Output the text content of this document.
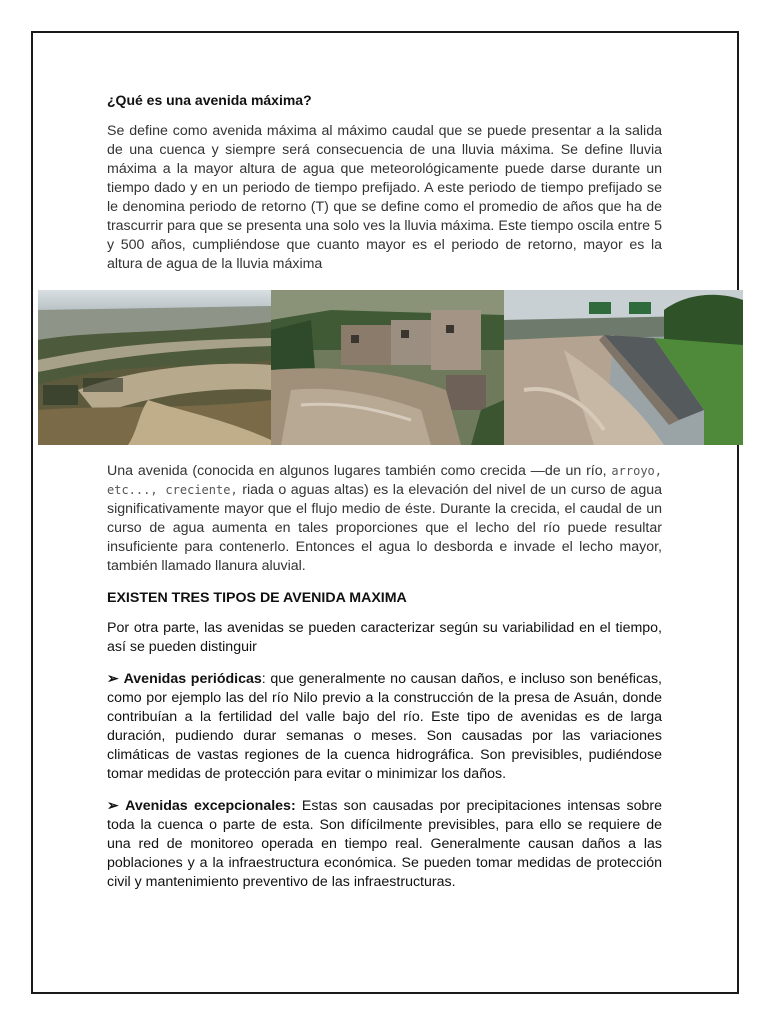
¿Qué es una avenida máxima?

Se define como avenida máxima al máximo caudal que se puede presentar a la salida de una cuenca y siempre será consecuencia de una lluvia máxima. Se define lluvia máxima a la mayor altura de agua que meteorológicamente puede darse durante un tiempo dado y en un periodo de tiempo prefijado. A este periodo de tiempo prefijado se le denomina periodo de retorno (T) que se define como el promedio de años que ha de trascurrir para que se presenta una solo ves la lluvia máxima. Este tiempo oscila entre 5 y 500 años, cumpliéndose que cuanto mayor es el periodo de retorno, mayor es la altura de agua de la lluvia máxima

Una avenida (conocida en algunos lugares también como crecida —de un río, arroyo, etc..., creciente, riada o aguas altas) es la elevación del nivel de un curso de agua significativamente mayor que el flujo medio de éste. Durante la crecida, el caudal de un curso de agua aumenta en tales proporciones que el lecho del río puede resultar insuficiente para contenerlo. Entonces el agua lo desborda e invade el lecho mayor, también llamado llanura aluvial.

EXISTEN TRES TIPOS DE AVENIDA MAXIMA

Por otra parte, las avenidas se pueden caracterizar según su variabilidad en el tiempo, así se pueden distinguir

➢ Avenidas periódicas: que generalmente no causan daños, e incluso son benéficas, como por ejemplo las del río Nilo previo a la construcción de la presa de Asuán, donde contribuían a la fertilidad del valle bajo del río. Este tipo de avenidas es de larga duración, pudiendo durar semanas o meses. Son causadas por las variaciones climáticas de vastas regiones de la cuenca hidrográfica. Son previsibles, pudiéndose tomar medidas de protección para evitar o minimizar los daños.

➢ Avenidas excepcionales: Estas son causadas por precipitaciones intensas sobre toda la cuenca o parte de esta. Son difícilmente previsibles, para ello se requiere de una red de monitoreo operada en tiempo real. Generalmente causan daños a las poblaciones y a la infraestructura económica. Se pueden tomar medidas de protección civil y mantenimiento preventivo de las infraestructuras.
